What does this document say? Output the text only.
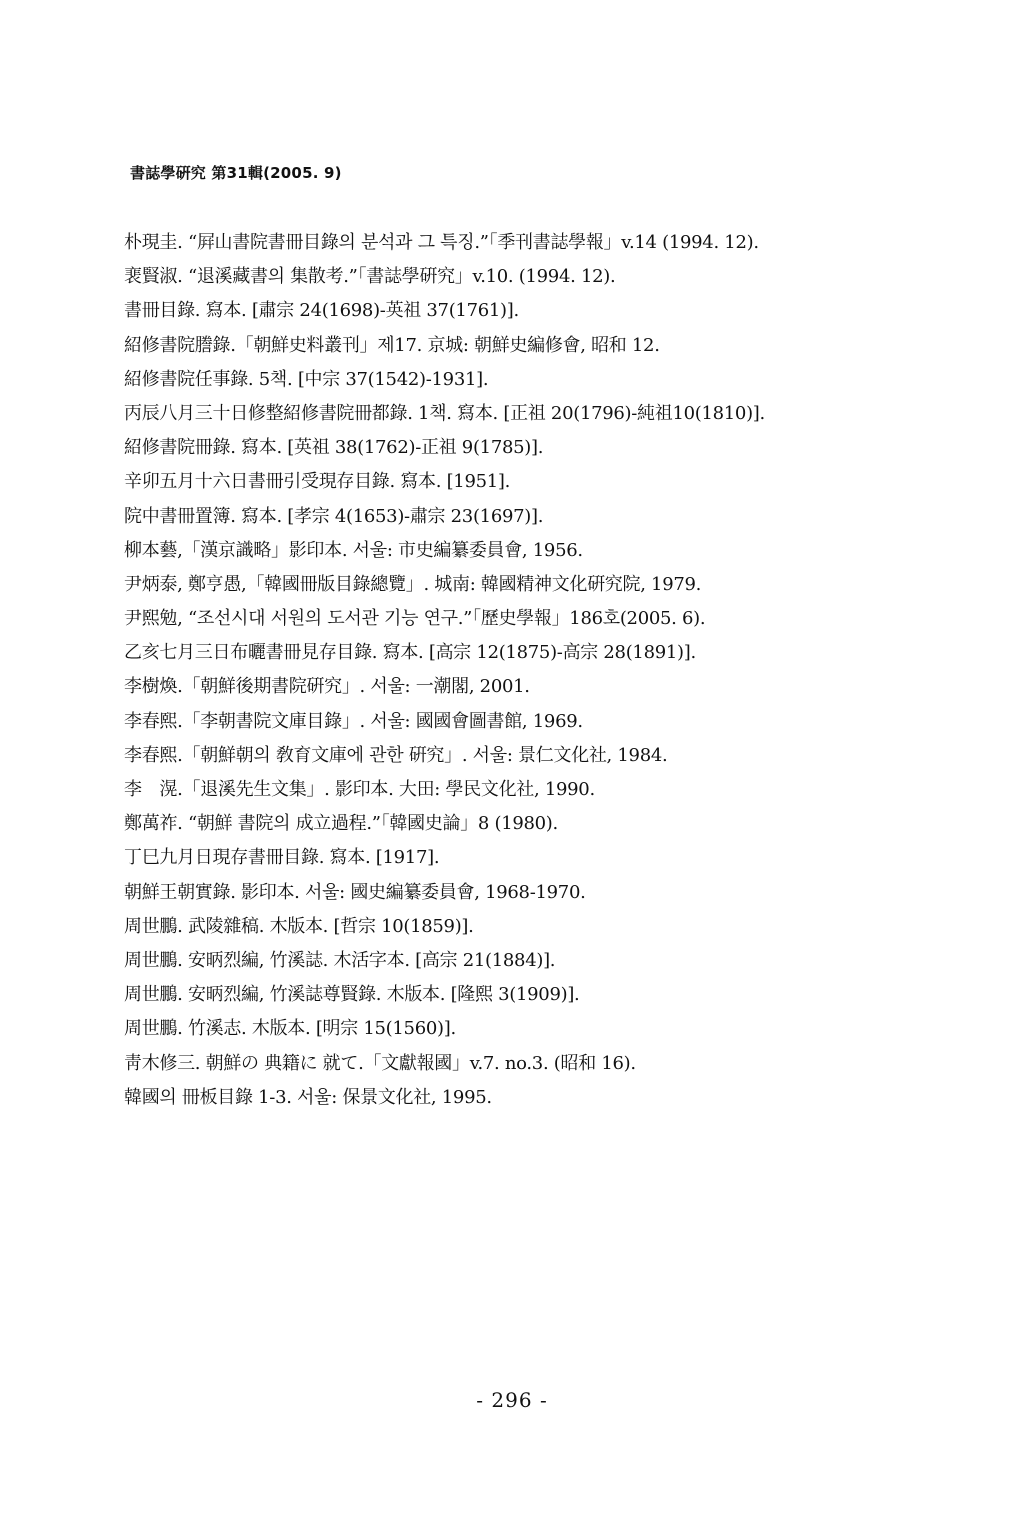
書誌學硏究 第31輯(2005. 9)
朴現圭. “屛山書院書冊目錄의 분석과 그 특징.”「季刊書誌學報」v.14 (1994. 12).
裵賢淑. “退溪藏書의 集散考.”「書誌學硏究」v.10. (1994. 12).
書冊目錄. 寫本. [肅宗 24(1698)-英祖 37(1761)].
紹修書院謄錄.「朝鮮史料叢刊」제17. 京城: 朝鮮史編修會, 昭和 12.
紹修書院任事錄. 5책. [中宗 37(1542)-1931].
丙辰八月三十日修整紹修書院冊都錄. 1책. 寫本. [正祖 20(1796)-純祖10(1810)].
紹修書院冊錄. 寫本. [英祖 38(1762)-正祖 9(1785)].
辛卯五月十六日書冊引受現存目錄. 寫本. [1951].
院中書冊置簿. 寫本. [孝宗 4(1653)-肅宗 23(1697)].
柳本藝,「漢京識略」影印本. 서울: 市史編纂委員會, 1956.
尹炳泰, 鄭亨愚,「韓國冊版目錄總覽」. 城南: 韓國精神文化硏究院, 1979.
尹熙勉, “조선시대 서원의 도서관 기능 연구.”「歷史學報」186호(2005. 6).
乙亥七月三日布曬書冊見存目錄. 寫本. [高宗 12(1875)-高宗 28(1891)].
李樹煥.「朝鮮後期書院硏究」. 서울: 一潮閣, 2001.
李春熙.「李朝書院文庫目錄」. 서울: 國國會圖書館, 1969.
李春熙.「朝鮮朝의 敎育文庫에 관한 硏究」. 서울: 景仁文化社, 1984.
李　滉.「退溪先生文集」. 影印本. 大田: 學民文化社, 1990.
鄭萬祚. “朝鮮 書院의 成立過程.”「韓國史論」8 (1980).
丁巳九月日現存書冊目錄. 寫本. [1917].
朝鮮王朝實錄. 影印本. 서울: 國史編纂委員會, 1968-1970.
周世鵬. 武陵雜稿. 木版本. [哲宗 10(1859)].
周世鵬. 安昞烈編, 竹溪誌. 木活字本. [高宗 21(1884)].
周世鵬. 安昞烈編, 竹溪誌尊賢錄. 木版本. [隆熙 3(1909)].
周世鵬. 竹溪志. 木版本. [明宗 15(1560)].
靑木修三. 朝鮮の 典籍に 就て.「文獻報國」v.7. no.3. (昭和 16).
韓國의 冊板目錄 1-3. 서울: 保景文化社, 1995.
- 296 -
